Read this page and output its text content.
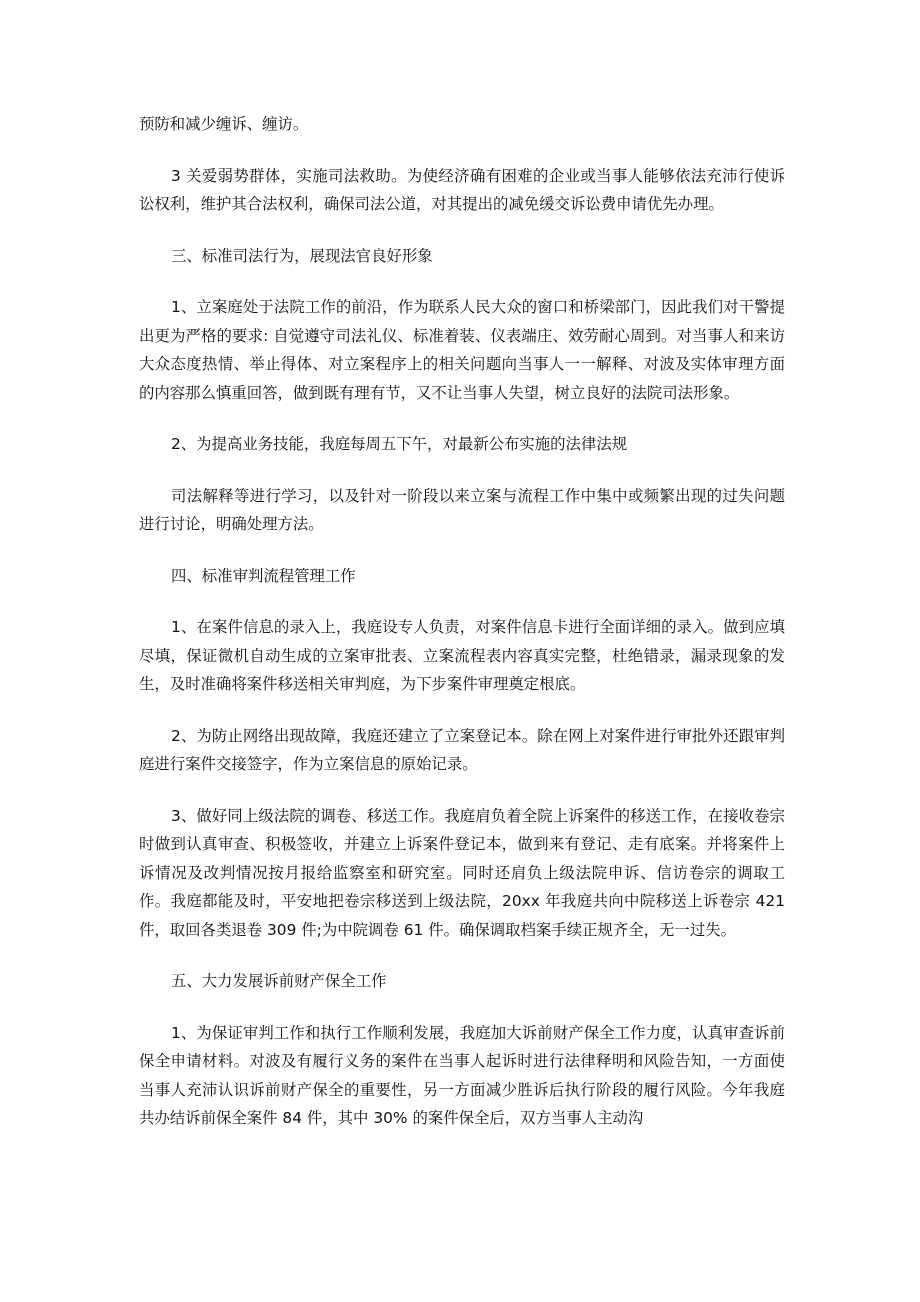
预防和减少缠诉、缠访。

3 关爱弱势群体，实施司法救助。为使经济确有困难的企业或当事人能够依法充沛行使诉讼权利，维护其合法权利，确保司法公道，对其提出的减免缓交诉讼费申请优先办理。

三、标准司法行为，展现法官良好形象

1、立案庭处于法院工作的前沿，作为联系人民大众的窗口和桥梁部门，因此我们对干警提出更为严格的要求: 自觉遵守司法礼仪、标准着装、仪表端庄、效劳耐心周到。对当事人和来访大众态度热情、举止得体、对立案程序上的相关问题向当事人一一解释、对波及实体审理方面的内容那么慎重回答，做到既有理有节，又不让当事人失望，树立良好的法院司法形象。

2、为提高业务技能，我庭每周五下午，对最新公布实施的法律法规

司法解释等进行学习，以及针对一阶段以来立案与流程工作中集中或频繁出现的过失问题进行讨论，明确处理方法。

四、标准审判流程管理工作

1、在案件信息的录入上，我庭设专人负责，对案件信息卡进行全面详细的录入。做到应填尽填，保证微机自动生成的立案审批表、立案流程表内容真实完整，杜绝错录，漏录现象的发生，及时准确将案件移送相关审判庭，为下步案件审理奠定根底。

2、为防止网络出现故障，我庭还建立了立案登记本。除在网上对案件进行审批外还跟审判庭进行案件交接签字，作为立案信息的原始记录。

3、做好同上级法院的调卷、移送工作。我庭肩负着全院上诉案件的移送工作，在接收卷宗时做到认真审查、积极签收，并建立上诉案件登记本，做到来有登记、走有底案。并将案件上诉情况及改判情况按月报给监察室和研究室。同时还肩负上级法院申诉、信访卷宗的调取工作。我庭都能及时，平安地把卷宗移送到上级法院，20xx 年我庭共向中院移送上诉卷宗 421 件，取回各类退卷 309 件;为中院调卷 61 件。确保调取档案手续正规齐全，无一过失。

五、大力发展诉前财产保全工作

1、为保证审判工作和执行工作顺利发展，我庭加大诉前财产保全工作力度，认真审查诉前保全申请材料。对波及有履行义务的案件在当事人起诉时进行法律释明和风险告知，一方面使当事人充沛认识诉前财产保全的重要性，另一方面减少胜诉后执行阶段的履行风险。今年我庭共办结诉前保全案件 84 件，其中 30% 的案件保全后，双方当事人主动沟
